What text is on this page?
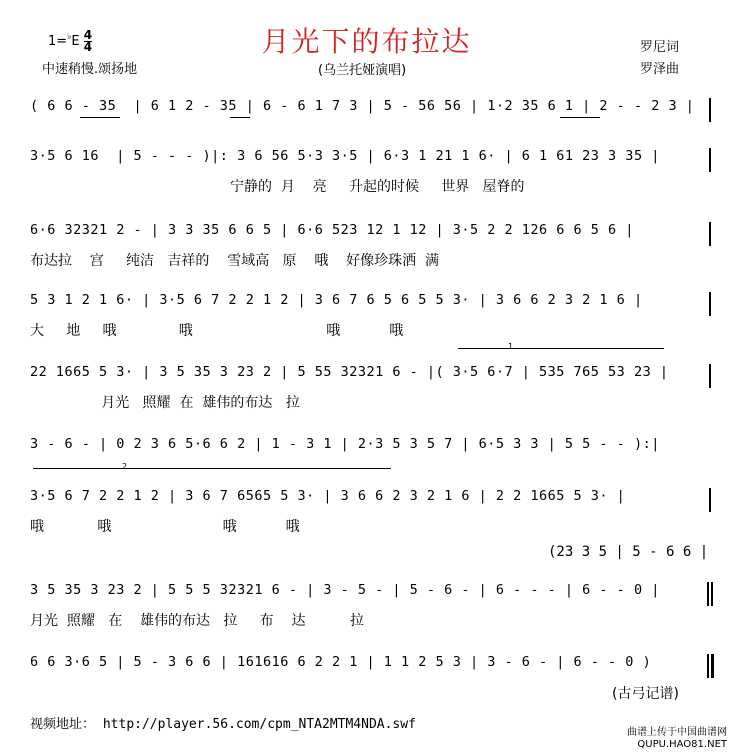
月光下的布拉达
$1=^♭E \frac{4}{4}$
中速稍慢.颂扬地	(乌兰托娅演唱)
罗尼词
罗泽曲
( 6 6 - 35  | 6 1 2 - 35 | 6 - 6 1 7 3 | 5 - 56 56 | 1·2 35 6 1 | 2 - - 2 3 |
3·5 6 16  | 5 - - - )|: 3 6 56 5·3 3·5 | 6·3 1 21 1 6· | 6 1 61 23 3 35 |
宁静的  月    亮     升起的时候     世界   屋脊的
6·6 32321 2 - | 3 3 35 6 6 5 | 6·6 523 12 1 12 | 3·5 2 2 126 6 6 5 6 |
布达拉    宫     纯洁   吉祥的    雪域高   原    哦    好像珍珠洒  满
5 3 1 2 1 6· | 3·5 6 7 2 2 1 2 | 3 6 7 6 5 6 5 5 3· | 3 6 6 2 3 2 1 6 |
大     地     哦              哦                              哦           哦
1
22 1665 5 3· | 3 5 35 3 23 2 | 5 55 32321 6 - |( 3·5 6·7 | 535 765 53 23 |
月光   照耀  在  雄伟的布达   拉
3 - 6 - | 0 2 3 6 5·6 6 2 | 1 - 3 1 | 2·3 5 3 5 7 | 6·5 3 3 | 5 5 - - ):|
2
3·5 6 7 2 2 1 2 | 3 6 7 6565 5 3· | 3 6 6 2 3 2 1 6 | 2 2 1665 5 3· |
哦            哦                         哦           哦
(23 3 5 | 5 - 6 6 |
3 5 35 3 23 2 | 5 5 5 32321 6 - | 3 - 5 - | 5 - 6 - | 6 - - - | 6 - - 0 |
月光  照耀   在    雄伟的布达   拉     布    达          拉
6 6 3·6 5 | 5 - 3 6 6 | 161616 6 2 2 1 | 1 1 2 5 3 | 3 - 6 - | 6 - - 0 )
(古弓记谱)
视频地址： http://player.56.com/cpm_NTA2MTM4NDA.swf
曲谱上传于中国曲谱网
QUPU.HAO81.NET
